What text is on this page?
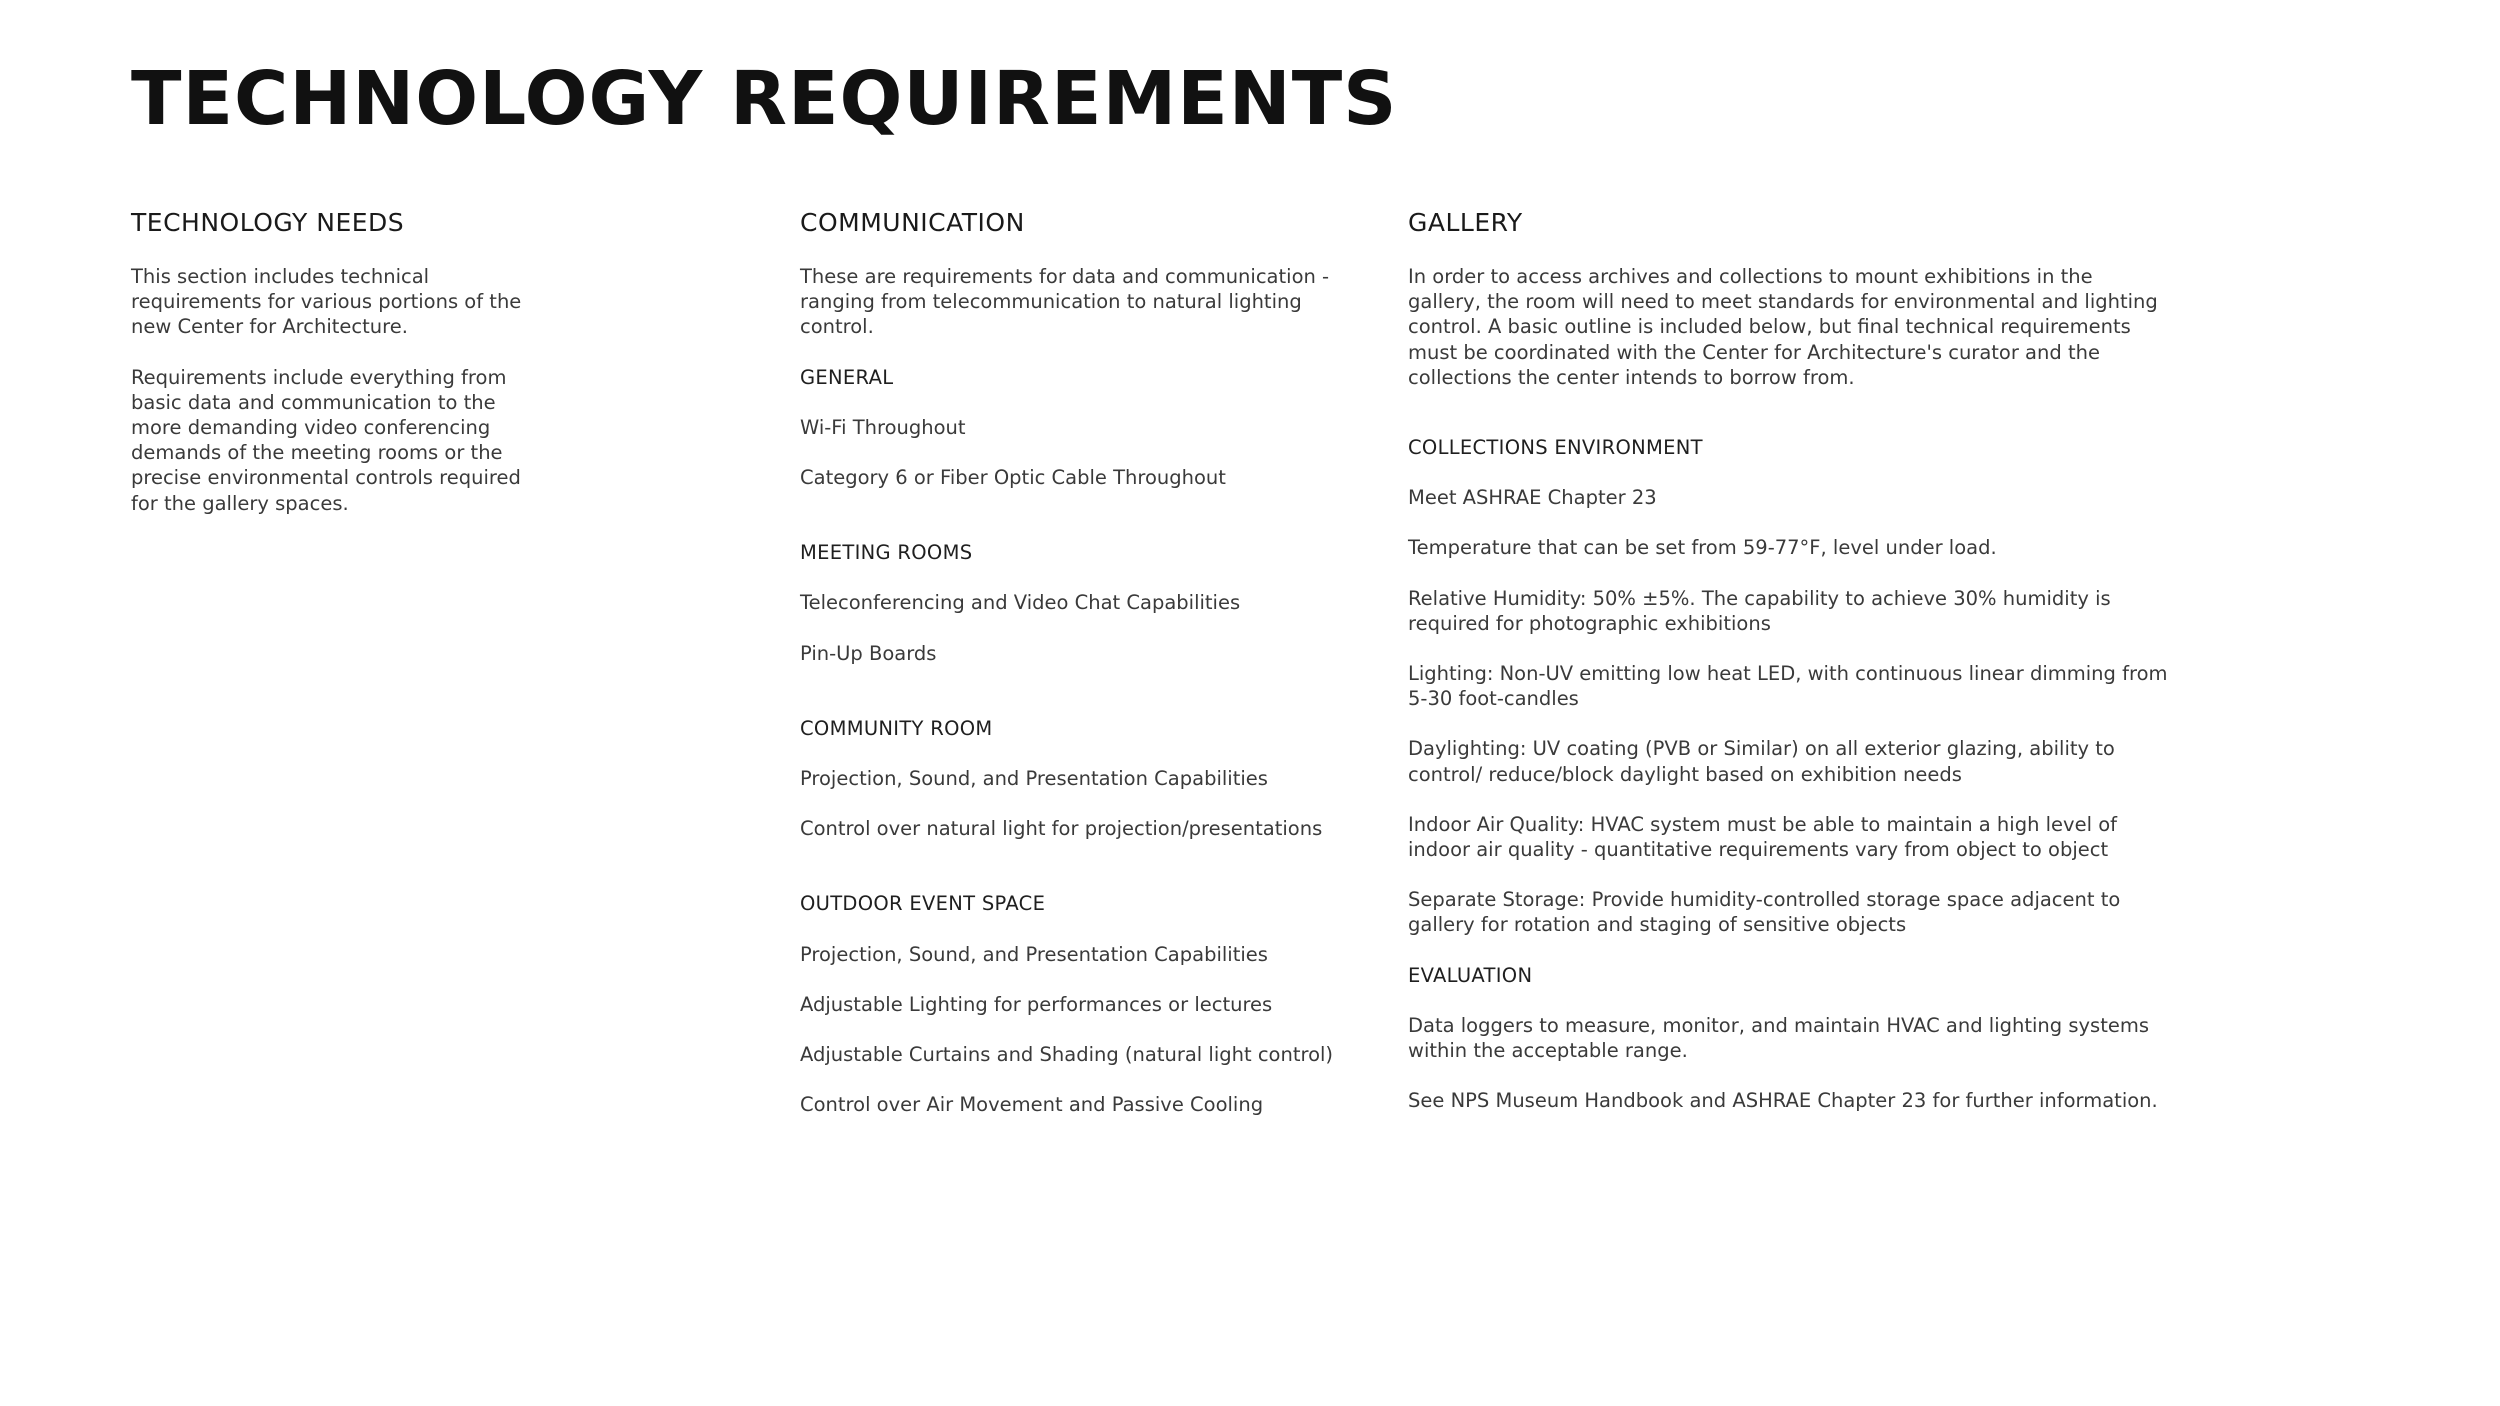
TECHNOLOGY REQUIREMENTS
TECHNOLOGY NEEDS

This section includes technical requirements for various portions of the new Center for Architecture.

Requirements include everything from basic data and communication to the more demanding video conferencing demands of the meeting rooms or the precise environmental controls required for the gallery spaces.

COMMUNICATION

These are requirements for data and communication - ranging from telecommunication to natural lighting control.

GENERAL

Wi-Fi Throughout

Category 6 or Fiber Optic Cable Throughout

MEETING ROOMS

Teleconferencing and Video Chat Capabilities

Pin-Up Boards

COMMUNITY ROOM

Projection, Sound, and Presentation Capabilities

Control over natural light for projection/presentations

OUTDOOR EVENT SPACE

Projection, Sound, and Presentation Capabilities

Adjustable Lighting for performances or lectures

Adjustable Curtains and Shading (natural light control)

Control over Air Movement and Passive Cooling

GALLERY

In order to access archives and collections to mount exhibitions in the gallery, the room will need to meet standards for environmental and lighting control. A basic outline is included below, but final technical requirements must be coordinated with the Center for Architecture's curator and the collections the center intends to borrow from.

COLLECTIONS ENVIRONMENT

Meet ASHRAE Chapter 23

Temperature that can be set from 59-77°F, level under load.

Relative Humidity: 50% ±5%. The capability to achieve 30% humidity is required for photographic exhibitions

Lighting: Non-UV emitting low heat LED, with continuous linear dimming from 5-30 foot-candles

Daylighting: UV coating (PVB or Similar) on all exterior glazing, ability to control/ reduce/block daylight based on exhibition needs

Indoor Air Quality: HVAC system must be able to maintain a high level of indoor air quality - quantitative requirements vary from object to object

Separate Storage: Provide humidity-controlled storage space adjacent to gallery for rotation and staging of sensitive objects

EVALUATION

Data loggers to measure, monitor, and maintain HVAC and lighting systems within the acceptable range.

See NPS Museum Handbook and ASHRAE Chapter 23 for further information.
